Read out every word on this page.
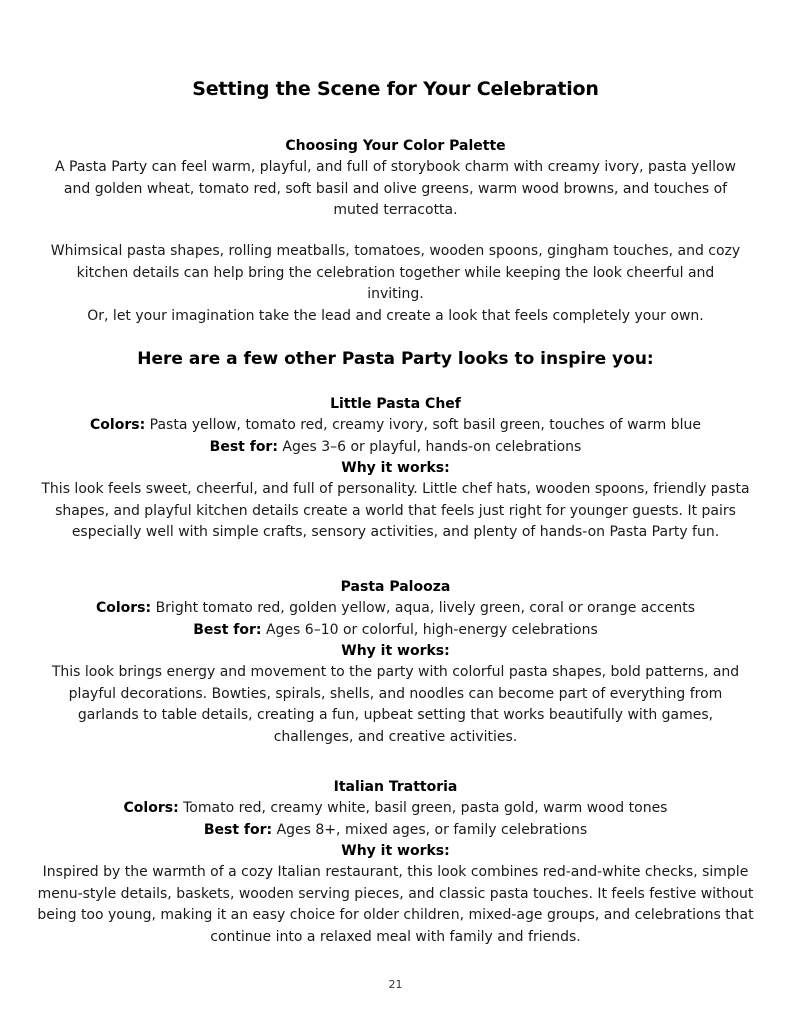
Setting the Scene for Your Celebration

Choosing Your Color Palette

A Pasta Party can feel warm, playful, and full of storybook charm with creamy ivory, pasta yellow and golden wheat, tomato red, soft basil and olive greens, warm wood browns, and touches of muted terracotta.

Whimsical pasta shapes, rolling meatballs, tomatoes, wooden spoons, gingham touches, and cozy kitchen details can help bring the celebration together while keeping the look cheerful and inviting.

Or, let your imagination take the lead and create a look that feels completely your own.

Here are a few other Pasta Party looks to inspire you:

Little Pasta Chef

Colors: Pasta yellow, tomato red, creamy ivory, soft basil green, touches of warm blue

Best for: Ages 3–6 or playful, hands-on celebrations

Why it works:

This look feels sweet, cheerful, and full of personality. Little chef hats, wooden spoons, friendly pasta shapes, and playful kitchen details create a world that feels just right for younger guests. It pairs especially well with simple crafts, sensory activities, and plenty of hands-on Pasta Party fun.

Pasta Palooza

Colors: Bright tomato red, golden yellow, aqua, lively green, coral or orange accents

Best for: Ages 6–10 or colorful, high-energy celebrations

Why it works:

This look brings energy and movement to the party with colorful pasta shapes, bold patterns, and playful decorations. Bowties, spirals, shells, and noodles can become part of everything from garlands to table details, creating a fun, upbeat setting that works beautifully with games, challenges, and creative activities.

Italian Trattoria

Colors: Tomato red, creamy white, basil green, pasta gold, warm wood tones

Best for: Ages 8+, mixed ages, or family celebrations

Why it works:

Inspired by the warmth of a cozy Italian restaurant, this look combines red-and-white checks, simple menu-style details, baskets, wooden serving pieces, and classic pasta touches. It feels festive without being too young, making it an easy choice for older children, mixed-age groups, and celebrations that continue into a relaxed meal with family and friends.

21
